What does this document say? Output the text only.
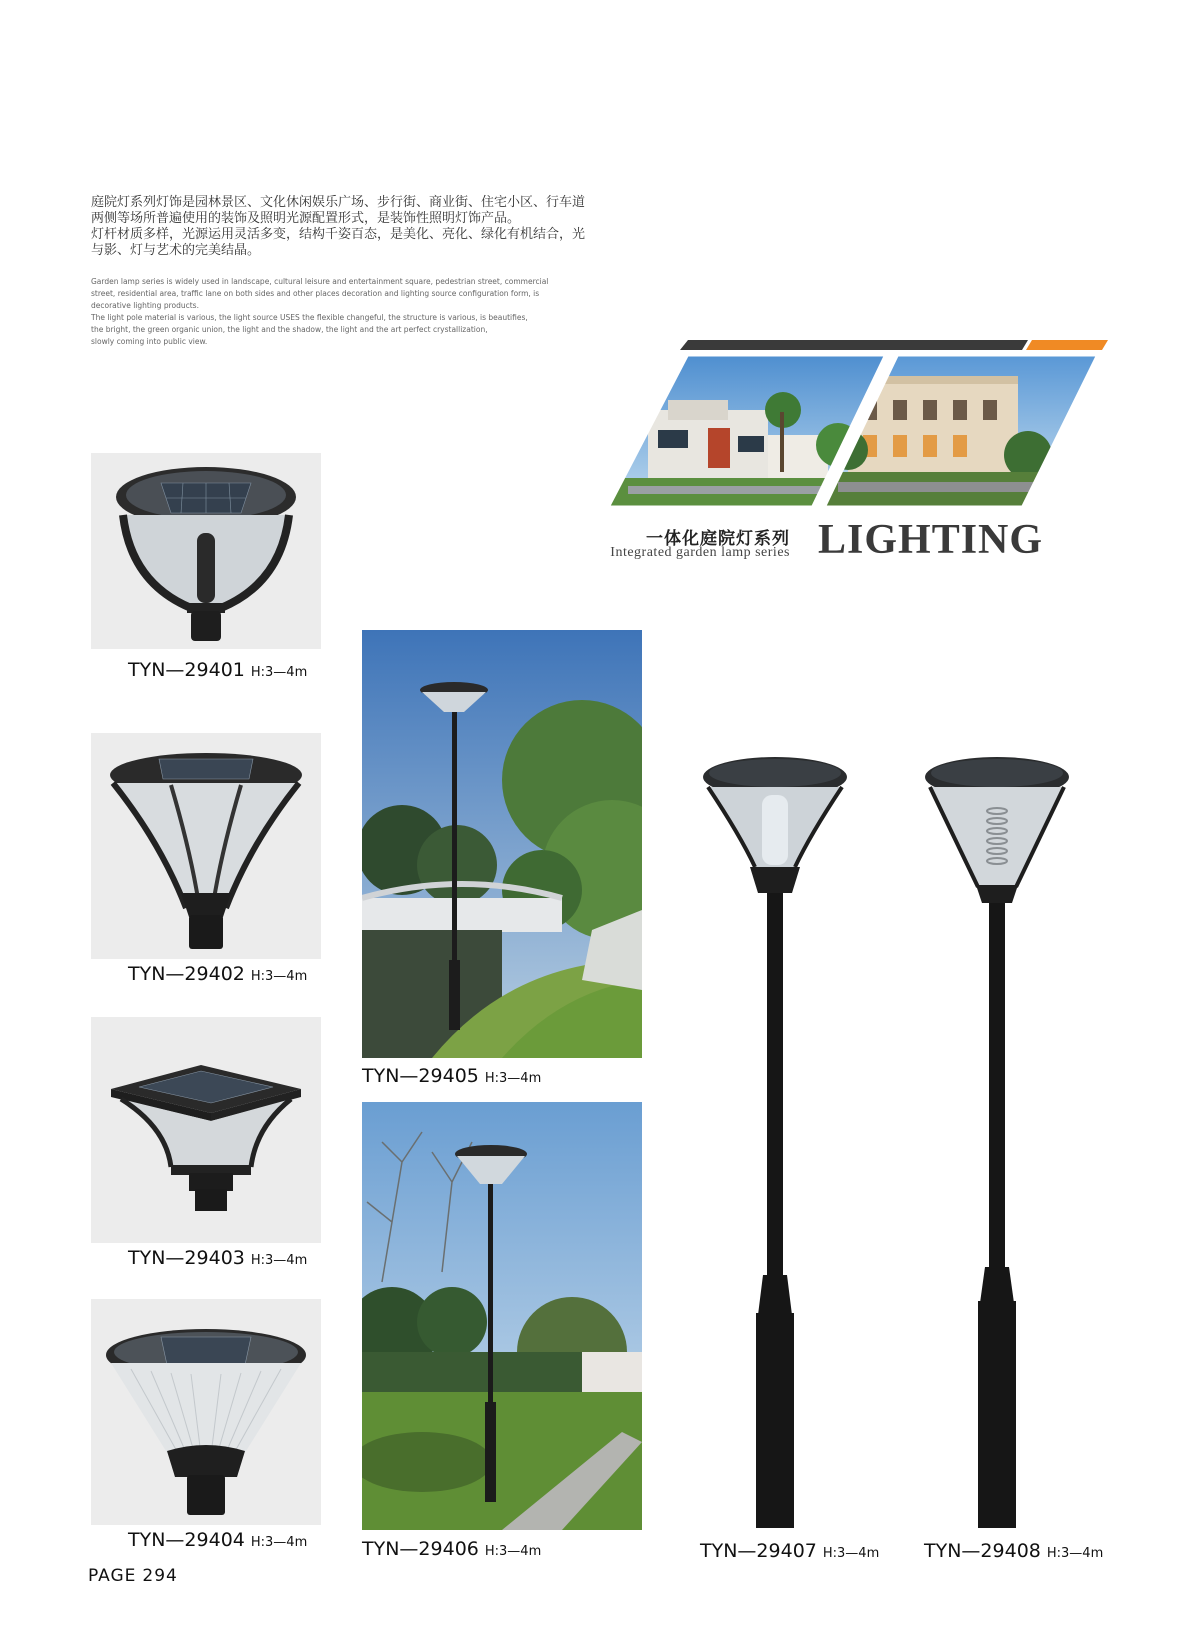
庭院灯系列灯饰是园林景区、文化休闲娱乐广场、步行街、商业街、住宅小区、行车道

两侧等场所普遍使用的装饰及照明光源配置形式，是装饰性照明灯饰产品。

灯杆材质多样，光源运用灵活多变，结构千姿百态，是美化、亮化、绿化有机结合，光

与影、灯与艺术的完美结晶。

Garden lamp series is widely used in landscape, cultural leisure and entertainment square, pedestrian street, commercial

street, residential area, traffic lane on both sides and other places decoration and lighting source configuration form, is

decorative lighting products.

The light pole material is various, the light source USES the flexible changeful, the structure is various, is beautifies,

the bright, the green organic union, the light and the shadow, the light and the art perfect crystallization,

slowly coming into public view.

一体化庭院灯系列
Integrated garden lamp series LIGHTING
TYN—29401 H:3—4m
TYN—29402 H:3—4m
TYN—29403 H:3—4m
TYN—29404 H:3—4m
TYN—29405 H:3—4m
TYN—29406 H:3—4m	TYN—29407 H:3—4m TYN—29408 H:3—4m
PAGE 294
